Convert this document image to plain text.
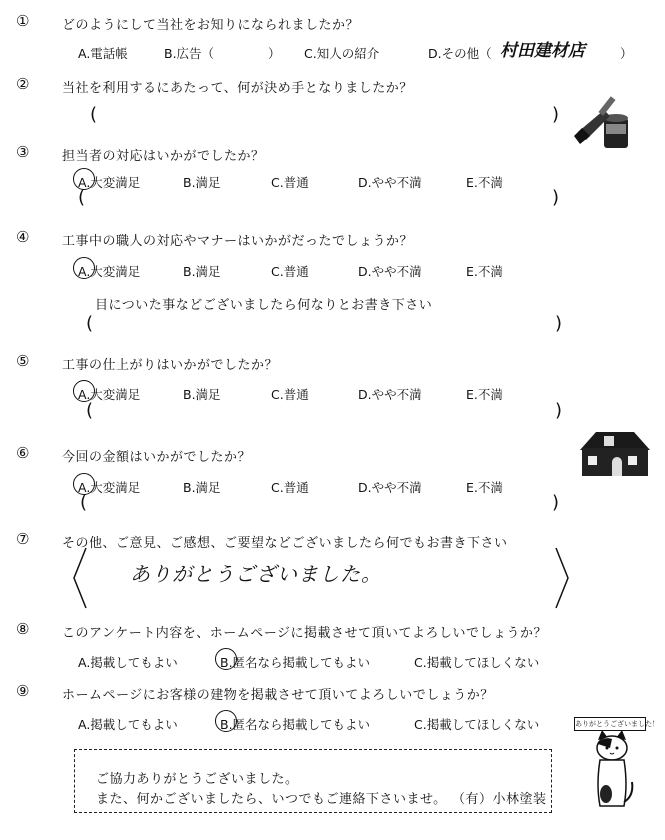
①	どのようにして当社をお知りになられましたか？
A.電話帳	B.広告（	） C.知人の紹介	D.その他（ 村田建材店	）
②	当社を利用するにあたって、何が決め手となりましたか？
(	)
③	担当者の対応はいかがでしたか？
A.大変満足	B.満足	C.普通	D.やや不満	E.不満
(	)
④	工事中の職人の対応やマナーはいかがだったでしょうか？
A.大変満足	B.満足	C.普通	D.やや不満	E.不満
目についた事などございましたら何なりとお書き下さい
(	)
⑤	工事の仕上がりはいかがでしたか？
A.大変満足	B.満足	C.普通	D.やや不満	E.不満
(	)
⑥	今回の金額はいかがでしたか？
A.大変満足	B.満足	C.普通	D.やや不満	E.不満
(	)
⑦	その他、ご意見、ご感想、ご要望などございましたら何でもお書き下さい
ありがとうございました。
⑧	このアンケート内容を、ホームページに掲載させて頂いてよろしいでしょうか？
A.掲載してもよい	B.匿名なら掲載してもよい	C.掲載してほしくない
⑨	ホームページにお客様の建物を掲載させて頂いてよろしいでしょうか？
A.掲載してもよい	B.匿名なら掲載してもよい	C.掲載してほしくない
ご協力ありがとうございました。
また、何かございましたら、いつでもご連絡下さいませ。 （有）小林塗装
ありがとうございました！
